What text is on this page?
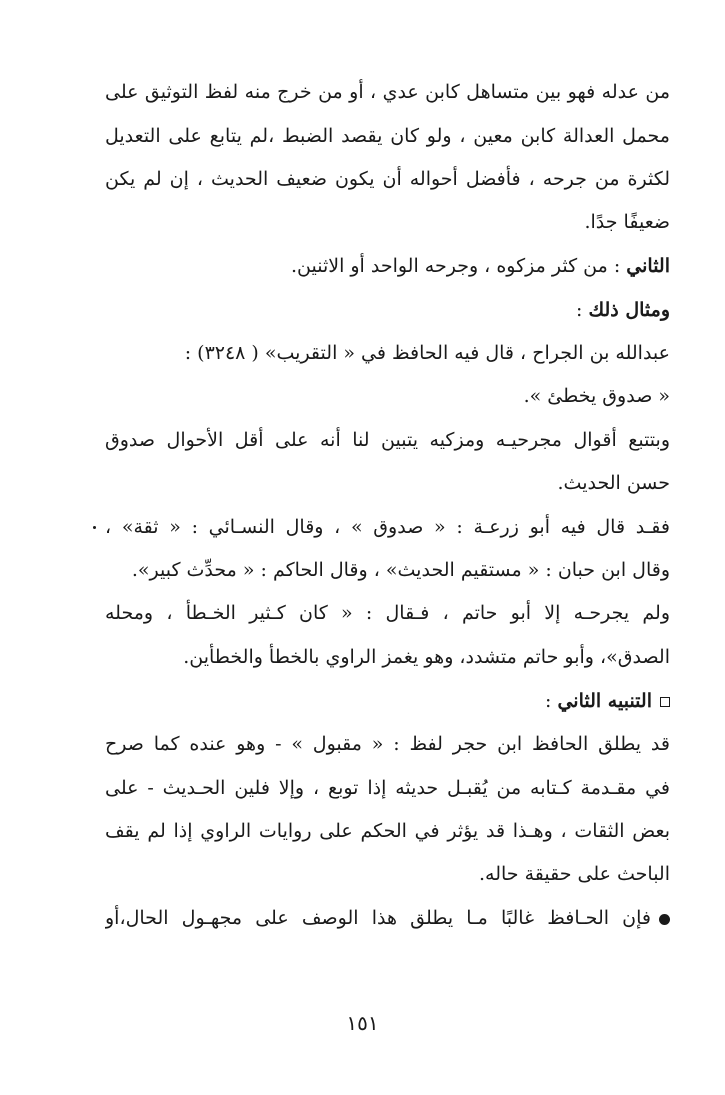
من عدله فهو بين متساهل كابن عدي ، أو من خرج منه لفظ التوثيق على
محمل العدالة كابن معين ، ولو كان يقصد الضبط ،لم يتابع على التعديل
لكثرة من جرحه ، فأفضل أحواله أن يكون ضعيف الحديث ، إن لم يكن
ضعيفًا جدًا.
الثاني : من كثر مزكوه ، وجرحه الواحد أو الاثنين.
ومثال ذلك :
عبدالله بن الجراح ، قال فيه الحافظ في « التقريب» ( ٣٢٤٨) :
« صدوق يخطئ ».
وبتتبع أقوال مجرحيـه ومزكيه يتبين لنا أنه على أقل الأحوال صدوق
حسن الحديث.
فقـد قال فيه أبو زرعـة : « صدوق » ، وقال النسـائي : « ثقة» ،
وقال ابن حبان : « مستقيم الحديث» ، وقال الحاكم : « محدِّث كبير».
ولم يجرحـه إلا أبو حاتم ، فـقال : « كان كـثير الخـطأ ، ومحله
الصدق»، وأبو حاتم متشدد، وهو يغمز الراوي بالخطأ والخطأين.
التنبيه الثاني :
قد يطلق الحافظ ابن حجر لفظ : « مقبول » - وهو عنده كما صرح
في مقـدمة كـتابه من يُقبـل حديثه إذا توبع ، وإلا فلين الحـديث - على
بعض الثقات ، وهـذا قد يؤثر في الحكم على روايات الراوي إذا لم يقف
الباحث على حقيقة حاله.
فإن الحـافظ غالبًا مـا يطلق هذا الوصف على مجهـول الحال،أو
١٥١
